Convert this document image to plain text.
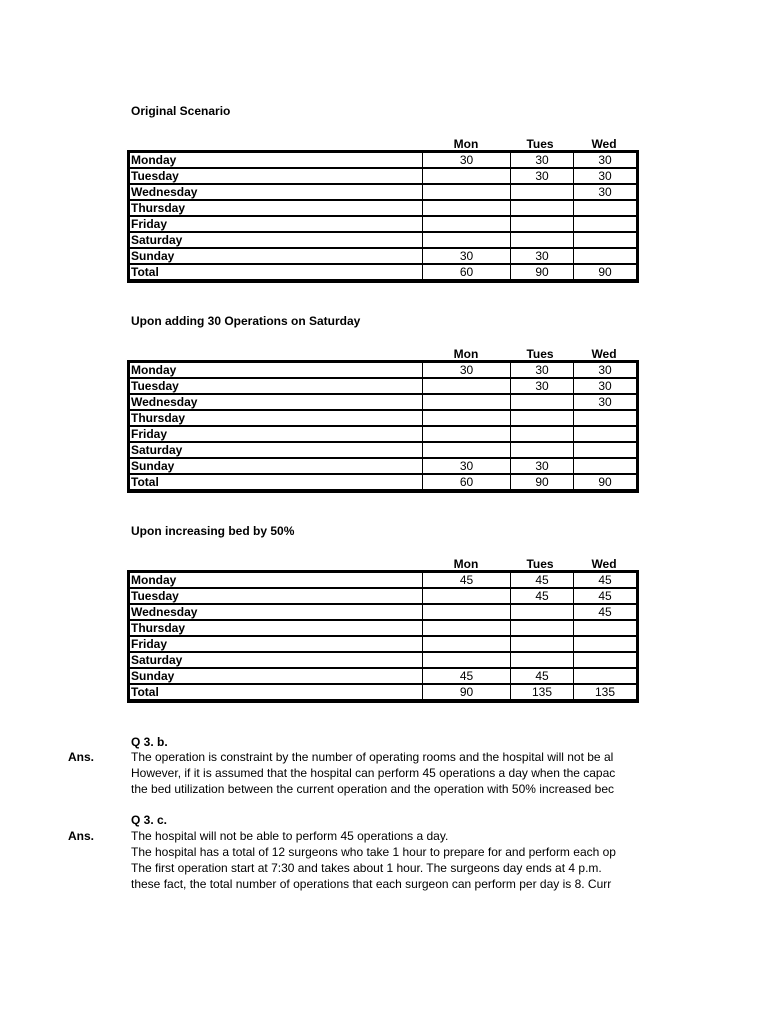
Original Scenario
Mon	Tues	Wed
Monday	30	30	30
Tuesday		30	30
Wednesday			30
Thursday			
Friday			
Saturday			
Sunday	30	30	
Total	60	90	90
Upon adding 30 Operations on Saturday
Mon	Tues	Wed
Monday	30	30	30
Tuesday		30	30
Wednesday			30
Thursday			
Friday			
Saturday			
Sunday	30	30	
Total	60	90	90
Upon increasing bed by 50%
Mon	Tues	Wed
Monday	45	45	45
Tuesday		45	45
Wednesday			45
Thursday			
Friday			
Saturday			
Sunday	45	45	
Total	90	135	135
Q 3. b.
Ans.	The operation is constraint by the number of operating rooms and the hospital will not be al
However, if it is assumed that the hospital can perform 45 operations a day when the capac
the bed utilization between the current operation and the operation with 50% increased bec
Q 3. c.
Ans.	The hospital will not be able to perform 45 operations a day.
The hospital has a total of 12 surgeons who take 1 hour to prepare for and perform each op
The first operation start at 7:30 and takes about 1 hour. The surgeons day ends at 4 p.m.
these fact, the total number of operations that each surgeon can perform per day is 8. Curr
